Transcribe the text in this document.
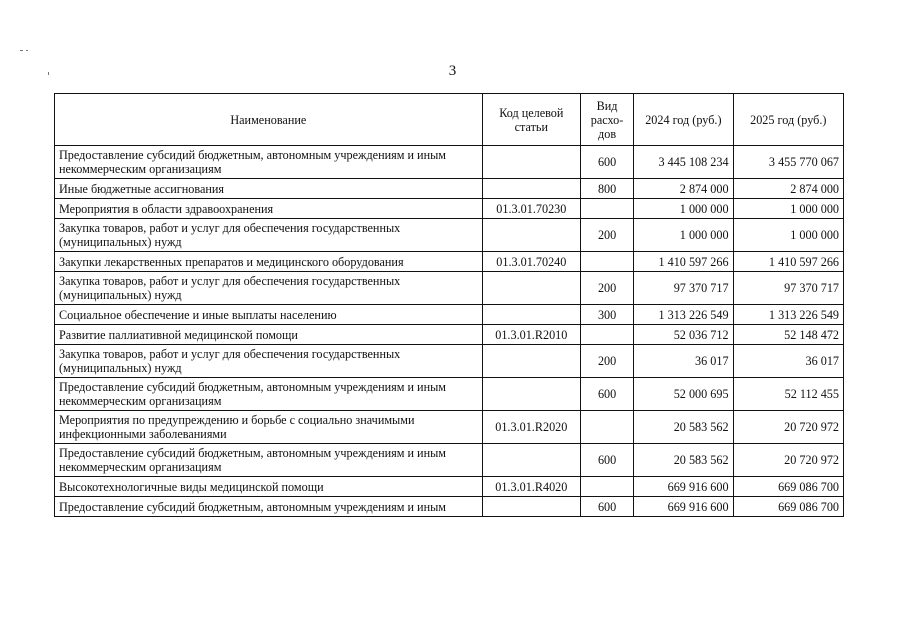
3
Наименование	Код целевой статьи	Вид расхо-дов	2024 год (руб.)	2025 год (руб.)
Предоставление субсидий бюджетным, автономным учреждениям и иным некоммерческим организациям		600	3 445 108 234	3 455 770 067
Иные бюджетные ассигнования		800	2 874 000	2 874 000
Мероприятия в области здравоохранения	01.3.01.70230		1 000 000	1 000 000
Закупка товаров, работ и услуг для обеспечения государственных (муниципальных) нужд		200	1 000 000	1 000 000
Закупки лекарственных препаратов и медицинского оборудования	01.3.01.70240		1 410 597 266	1 410 597 266
Закупка товаров, работ и услуг для обеспечения государственных (муниципальных) нужд		200	97 370 717	97 370 717
Социальное обеспечение и иные выплаты населению		300	1 313 226 549	1 313 226 549
Развитие паллиативной медицинской помощи	01.3.01.R2010		52 036 712	52 148 472
Закупка товаров, работ и услуг для обеспечения государственных (муниципальных) нужд		200	36 017	36 017
Предоставление субсидий бюджетным, автономным учреждениям и иным некоммерческим организациям		600	52 000 695	52 112 455
Мероприятия по предупреждению и борьбе с социально значимыми инфекционными заболеваниями	01.3.01.R2020		20 583 562	20 720 972
Предоставление субсидий бюджетным, автономным учреждениям и иным некоммерческим организациям		600	20 583 562	20 720 972
Высокотехнологичные виды медицинской помощи	01.3.01.R4020		669 916 600	669 086 700
Предоставление субсидий бюджетным, автономным учреждениям и иным		600	669 916 600	669 086 700
